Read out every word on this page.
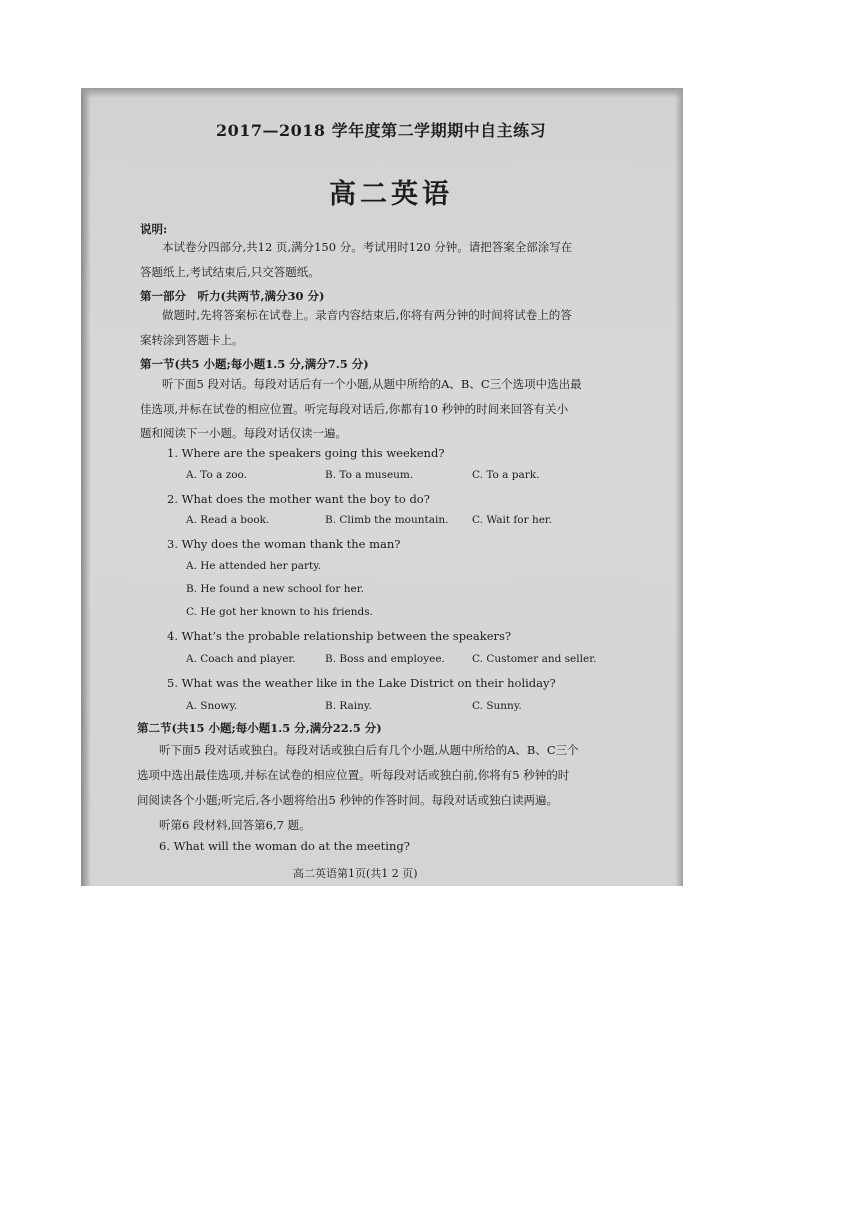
2017—2018 学年度第二学期期中自主练习
高二英语
说明:
本试卷分四部分,共12 页,满分150 分。考试用时120 分钟。请把答案全部涂写在
答题纸上,考试结束后,只交答题纸。
第一部分　听力(共两节,满分30 分)
做题时,先将答案标在试卷上。录音内容结束后,你将有两分钟的时间将试卷上的答
案转涂到答题卡上。
第一节(共5 小题;每小题1.5 分,满分7.5 分)
听下面5 段对话。每段对话后有一个小题,从题中所给的A、B、C三个选项中选出最
佳选项,并标在试卷的相应位置。听完每段对话后,你都有10 秒钟的时间来回答有关小
题和阅读下一小题。每段对话仅读一遍。
1. Where are the speakers going this weekend?
A. To a zoo.	B. To a museum.	C. To a park.
2. What does the mother want the boy to do?
A. Read a book.	B. Climb the mountain. C. Wait for her.
3. Why does the woman thank the man?
A. He attended her party.
B. He found a new school for her.
C. He got her known to his friends.
4. What’s the probable relationship between the speakers?
A. Coach and player.	B. Boss and employee.	C. Customer and seller.
5. What was the weather like in the Lake District on their holiday?
A. Snowy.	B. Rainy.	C. Sunny.
第二节(共15 小题;每小题1.5 分,满分22.5 分)
听下面5 段对话或独白。每段对话或独白后有几个小题,从题中所给的A、B、C三个
选项中选出最佳选项,并标在试卷的相应位置。听每段对话或独白前,你将有5 秒钟的时
间阅读各个小题;听完后,各小题将给出5 秒钟的作答时间。每段对话或独白读两遍。
听第6 段材料,回答第6,7 题。
6. What will the woman do at the meeting?
高二英语第1页(共1 2 页)
